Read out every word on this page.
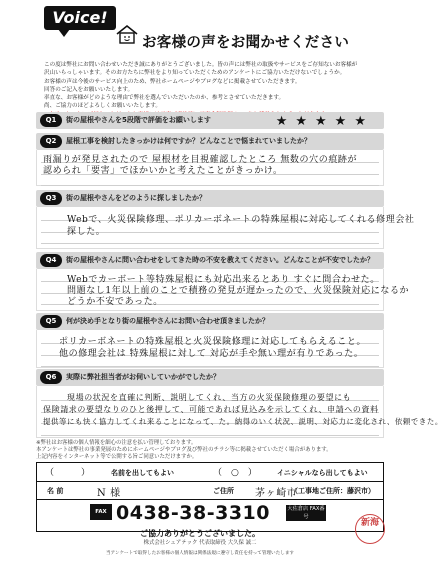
Voice!
お客様の声をお聞かせください
この度は弊社にお問い合わせいただき誠にありがとうございました。皆の声には弊社の取扱やサービスをご存知ないお客様が
沢山いらっしゃいます。そのお方たちに弊社をより知っていただくためのアンケートにご協力いただけないでしょうか。
お客様の声は今後のサービス向上のため、弊社ホームページやブログなどに掲載させていただきます。
回答のご記入をお願いいたします。
率直な、お客様がどのような理由で弊社を選んでいただいたのか、参考とさせていただきます。
尚、ご協力のほどよろしくお願いいたします。
Q1	街の屋根やさんを5段階で評価をお願いします	★★★★★
Q2	屋根工事を検討したきっかけは何ですか？どんなことで悩まれていましたか？
雨漏りが発見されたので 屋根材を目視確認したところ 無数の穴の痕跡が
認められ「要害」でほかいかと考えたことがきっかけ。
Q3	街の屋根やさんをどのように探しましたか？
Webで、火災保険修理、ポリカーボネートの特殊屋根に対応してくれる修理会社
探した。
Q4	街の屋根やさんに問い合わせをしてきた時の不安を教えてください。どんなことが不安でしたか？
Webでカーボート等特殊屋根にも対応出来るとあり すぐに問合わせた。
問題なし1年以上前のことで積務の発見が遅かったので、火災保険対応になるか
どうか不安であった。
Q5	何が決め手となり街の屋根やさんにお問い合わせ頂きましたか？
ポリカーボネートの特殊屋根と火災保険修理に対応してもらえること。
他の修理会社は 特殊屋根に対して 対応が手や無い理が有りであった。
Q6	実際に弊社担当者がお伺いしていかがでしたか？
現場の状況を直確に判断、説明してくれ、当方の火災保険修理の要望にも
保険請求の要望なりのひと後押して、可能であれば見込みを示してくれ、申請への資料
提供等にも快く協力してくれ来ることになって、た。納得のいく状況、説明、対応力に変化され、依頼できた。
※弊社はお客様の個人情報を細心の注意を払い管理しております。
本アンケートは弊社の事業発展のためにホームページやブログ及び弊社のチラシ等に掲載させていただく場合があります。
上記内容をインターネット等で公開する旨ご同意いただけますか。
（　　　）	名前を出してもよい	（　○　）	イニシャルなら出してもよい
名 前	N 様	ご住所 茅ヶ崎市
（工事地ご住所：藤沢市）
FAX 0438-38-3310	大佐倉店 FAX番号
ご協力ありがとうございました。
株式会社シェアテック 代表取締役 大久保 誠二
当アンケートで取得したお客様の個人情報は関係法規に遵守し責任を持って管理いたします
新海
